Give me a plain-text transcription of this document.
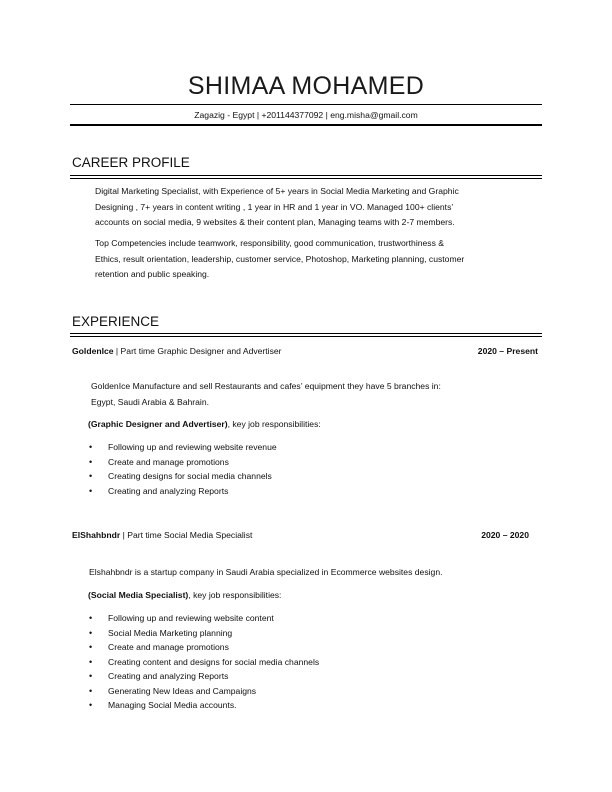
SHIMAA MOHAMED
Zagazig - Egypt | +201144377092 | eng.misha@gmail.com
CAREER PROFILE
Digital Marketing Specialist, with Experience of 5+ years in Social Media Marketing and Graphic
Designing , 7+ years in content writing , 1 year in HR and 1 year in VO. Managed 100+ clients’
accounts on social media, 9 websites & their content plan, Managing teams with 2-7 members.
Top Competencies include teamwork, responsibility, good communication, trustworthiness &
Ethics, result orientation, leadership, customer service, Photoshop, Marketing planning, customer
retention and public speaking.
EXPERIENCE
GoldenIce | Part time Graphic Designer and Advertiser	2020 – Present
GoldenIce Manufacture and sell Restaurants and cafes’ equipment they have 5 branches in:
Egypt, Saudi Arabia & Bahrain.
(Graphic Designer and Advertiser), key job responsibilities:
• Following up and reviewing website revenue
• Create and manage promotions
• Creating designs for social media channels
• Creating and analyzing Reports
ElShahbndr | Part time Social Media Specialist	2020 – 2020
Elshahbndr is a startup company in Saudi Arabia specialized in Ecommerce websites design.
(Social Media Specialist), key job responsibilities:
• Following up and reviewing website content
• Social Media Marketing planning
• Create and manage promotions
• Creating content and designs for social media channels
• Creating and analyzing Reports
• Generating New Ideas and Campaigns
• Managing Social Media accounts.
